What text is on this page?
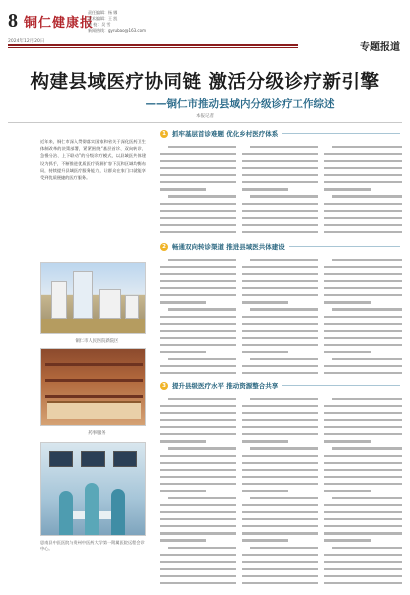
8 铜仁健康报
责任编辑：杨 娜
美术编辑：王 凯
审 校：吴 雪
新闻热线：gyrubao@163.com
2024年12月20日
专题报道
构建县域医疗协同链 激活分级诊疗新引擎
——铜仁市推动县域内分级诊疗工作综述
本报记者
近年来，铜仁市深入贯彻落实国家和省关于深化医药卫生体制改革的决策部署，紧紧围绕“基层首诊、双向转诊、急慢分治、上下联动”的分级诊疗模式，以县域医共体建设为抓手，不断推进优质医疗资源扩容下沉和区域均衡布局，持续提升县域医疗服务能力，让群众在家门口就能享受到优质便捷的医疗服务。
铜仁市人民医院新院区
药事服务
思南县中医医院与贵州中医药大学第一附属医院远程会诊中心。
1 抓牢基层首诊难题 优化乡村医疗体系
2 畅通双向转诊渠道 推进县域医共体建设
3 提升县级医疗水平 推动资源整合共享
